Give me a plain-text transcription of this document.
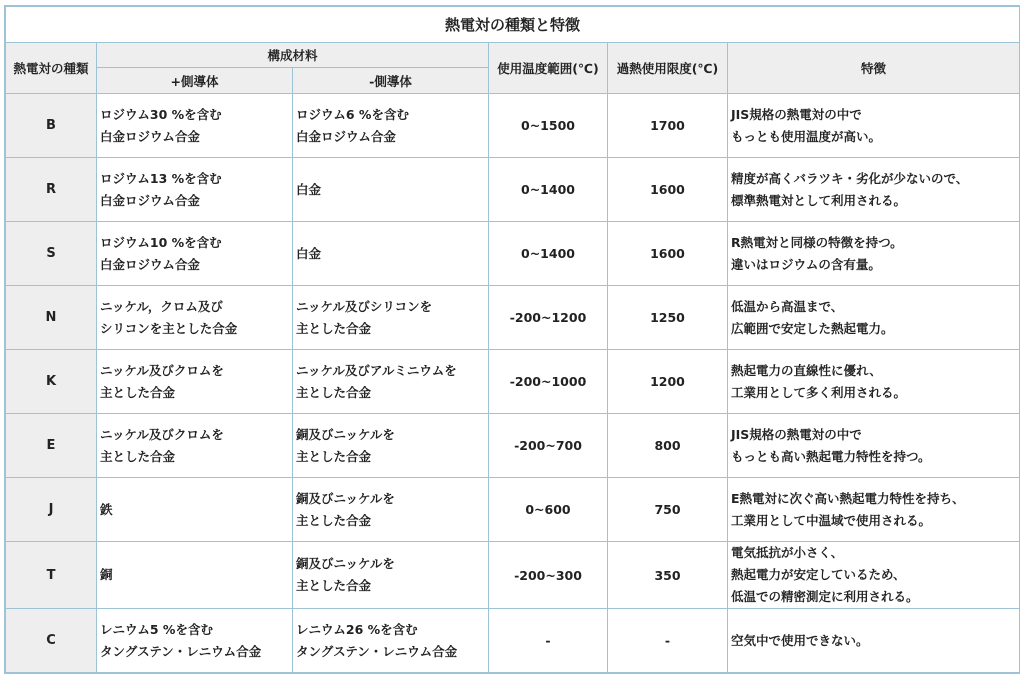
熱電対の種類と特徴					
熱電対の種類	構成材料		使用温度範囲(℃)	過熱使用限度(℃)	特徴
	+側導体	-側導体			
B	ロジウム30 %を含む
白金ロジウム合金	ロジウム6 %を含む
白金ロジウム合金	0~1500	1700	JIS規格の熱電対の中で
もっとも使用温度が高い。

R	ロジウム13 %を含む
白金ロジウム合金	白金	0~1400	1600	精度が高くバラツキ・劣化が少ないので、
標準熱電対として利用される。

S	ロジウム10 %を含む
白金ロジウム合金	白金	0~1400	1600	R熱電対と同様の特徴を持つ。
違いはロジウムの含有量。

N	ニッケル，クロム及び
シリコンを主とした合金	ニッケル及びシリコンを
主とした合金	-200~1200	1250	低温から高温まで、
広範囲で安定した熱起電力。

K	ニッケル及びクロムを
主とした合金	ニッケル及びアルミニウムを
主とした合金	-200~1000	1200	熱起電力の直線性に優れ、
工業用として多く利用される。

E	ニッケル及びクロムを
主とした合金	銅及びニッケルを
主とした合金	-200~700	800	JIS規格の熱電対の中で
もっとも高い熱起電力特性を持つ。

J	鉄	銅及びニッケルを
主とした合金	0~600	750	E熱電対に次ぐ高い熱起電力特性を持ち、
工業用として中温域で使用される。

T	銅	銅及びニッケルを
主とした合金	-200~300	350	電気抵抗が小さく、
熱起電力が安定しているため、
低温での精密測定に利用される。

C	レニウム5 %を含む
タングステン・レニウム合金	レニウム26 %を含む
タングステン・レニウム合金	-	-	空気中で使用できない。
